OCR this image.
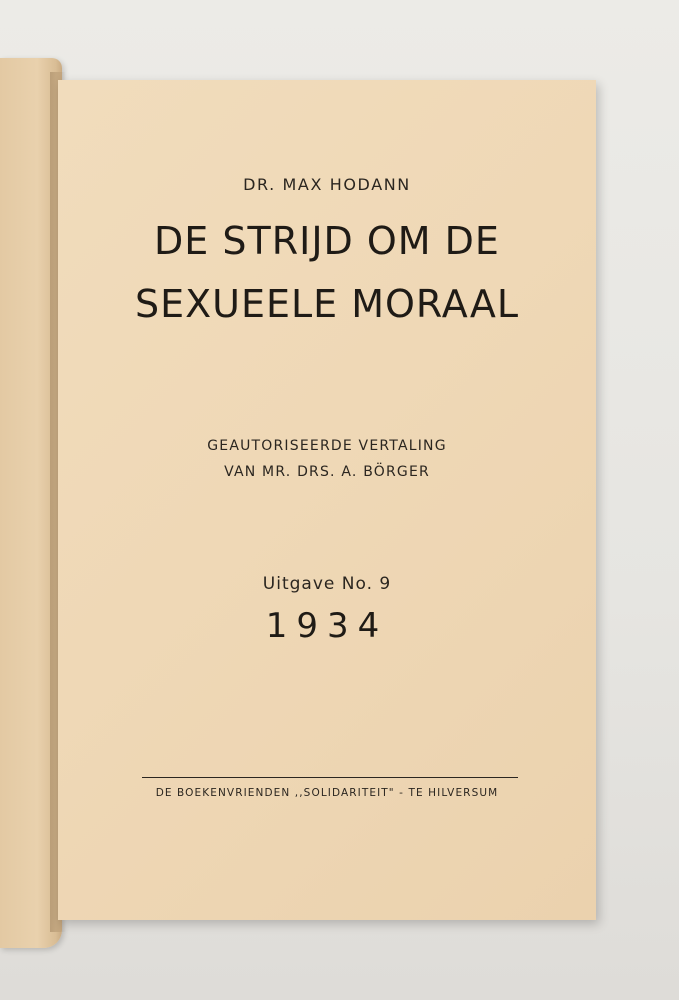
DR. MAX HODANN
DE STRIJD OM DE
SEXUEELE MORAAL
GEAUTORISEERDE VERTALING
VAN MR. DRS. A. BÖRGER
Uitgave No. 9
1934
DE BOEKENVRIENDEN ,,SOLIDARITEIT" - TE HILVERSUM
